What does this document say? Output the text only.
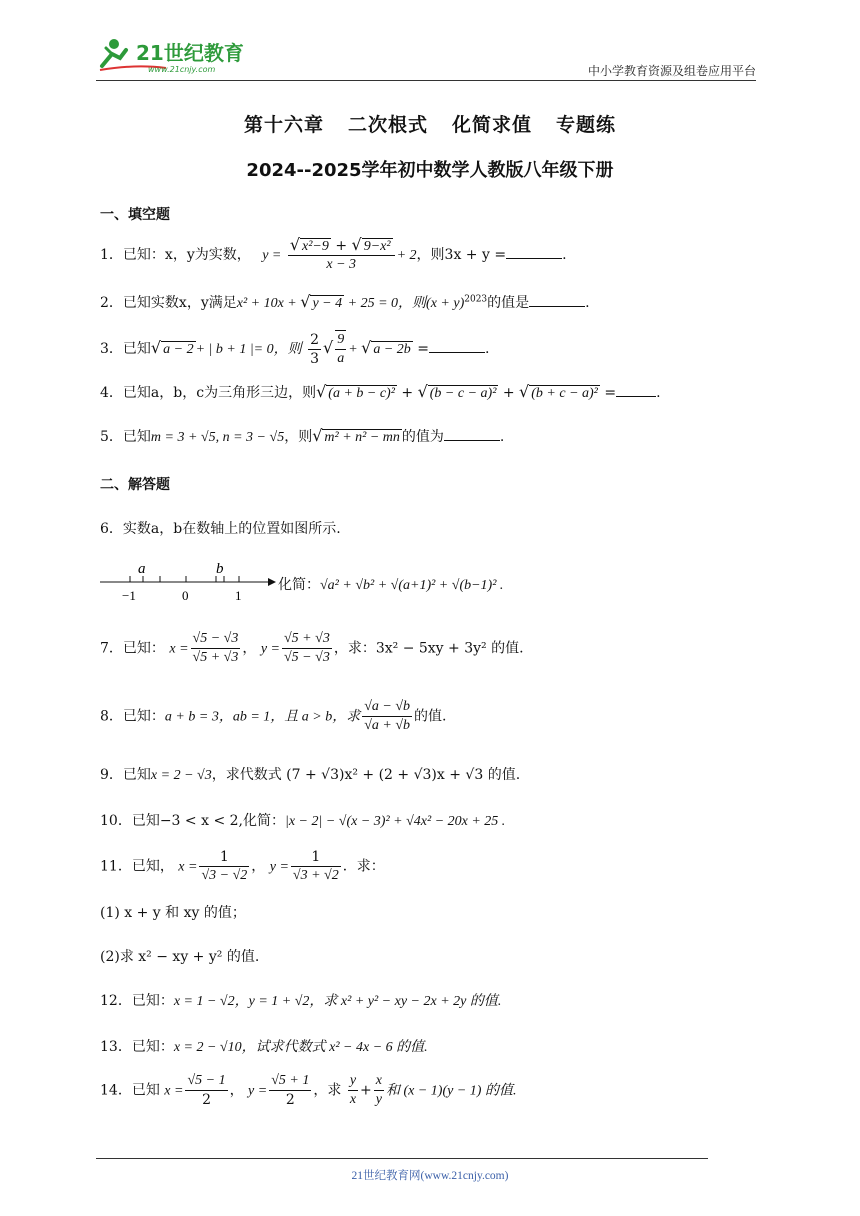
21世纪教育
www.21cnjy.com	中小学教育资源及组卷应用平台
第十六章 二次根式 化简求值 专题练
2024--2025学年初中数学人教版八年级下册
一、填空题
1．已知：x，y为实数，   $y = \frac{\text{√ x²−9 + √ 9−x²}}{x - 3} + 2$，则3x + y =	.
2．已知实数x，y满足x² + 10x + √ y − 4 + 25 = 0，则$(x + y)^{2023}$的值是	.
3．已知√ a − 2 + | b + 1 |= 0，则 $\frac{2}{3}$ √ $\frac{9}{a}$ + √ a − 2b =	.
4．已知a，b，c为三角形三边，则√ (a + b − c)² + √ (b − c − a)² + √ (b + c − a)² =	.
5．已知m = 3 + √5, n = 3 − √5，则√ m² + n² − mn 的值为	.
二、解答题
6．实数a，b在数轴上的位置如图所示.
a	b
−1	0	1
化简：√a² + √b² + √(a+1)² + √(b−1)² .
7．已知： $x = \frac{√5 - √3}{√5 + √3}$ ， $y = \frac{√5 + √3}{√5 - √3}$ ，求：3x² − 5xy + 3y² 的值.
8．已知：a + b = 3，ab = 1，且 a > b，求 $\frac{√a - √b}{√a + √b}$ 的值.
9．已知x = 2 − √3，求代数式 (7 + √3)x² + (2 + √3)x + √3 的值.
10．已知−3 < x < 2,化简：|x − 2| − √(x − 3)² + √4x² − 20x + 25 .
11．已知， $x = \frac{1}{√3 - √2}$ ， $y = \frac{1}{√3 + √2}$ ．求：
(1) x + y 和 xy 的值；
(2)求 x² − xy + y² 的值.
12．已知：x = 1 − √2，y = 1 + √2，求 x² + y² − xy − 2x + 2y 的值.
13．已知：x = 2 − √10，试求代数式 x² − 4x − 6 的值.
14．已知 $x = \frac{√5 - 1}{2}$ ， $y = \frac{√5 + 1}{2}$ ，求 $\frac{y}{x} + \frac{x}{y}$ 和 (x − 1)(y − 1) 的值.
21世纪教育网(www.21cnjy.com)
